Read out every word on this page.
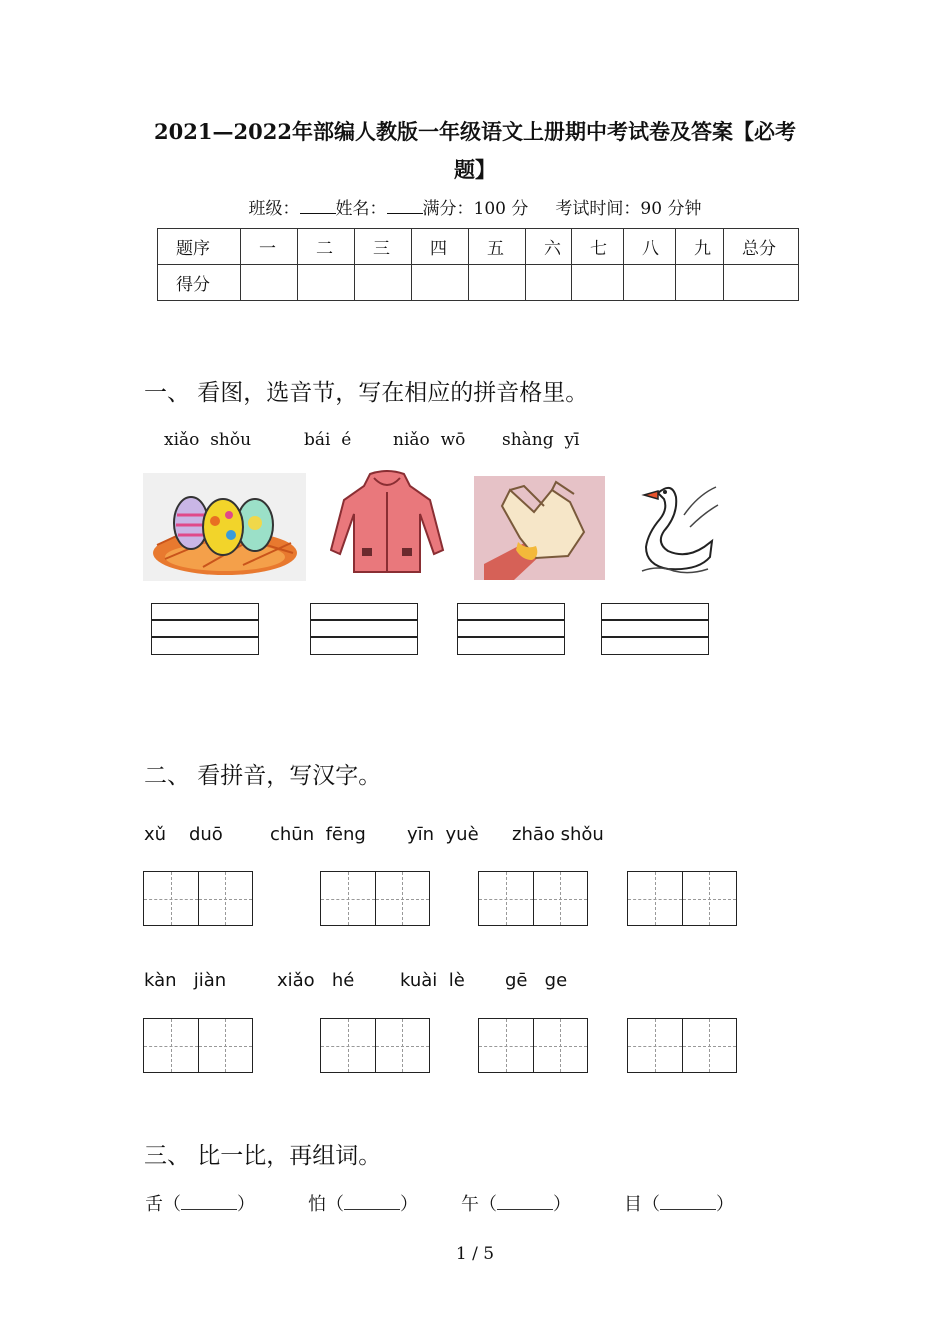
2021—2022年部编人教版一年级语文上册期中考试卷及答案【必考
题】
班级： 姓名： 满分：100 分 考试时间：90 分钟
题序	一	二	三	四	五	六	七	八	九	总分
得分										
一、 看图，选音节，写在相应的拼音格里。
xiǎo  shǒu	bái  é niǎo  wō shàng  yī
二、 看拼音，写汉字。
xǔ    duō	chūn  fēng yīn  yuè zhāo shǒu
kàn   jiàn	xiǎo   hé	kuài  lè gē   ge
三、 比一比，再组词。
舌（	）	怕（	） 午（	）	目（	）
1 / 5
